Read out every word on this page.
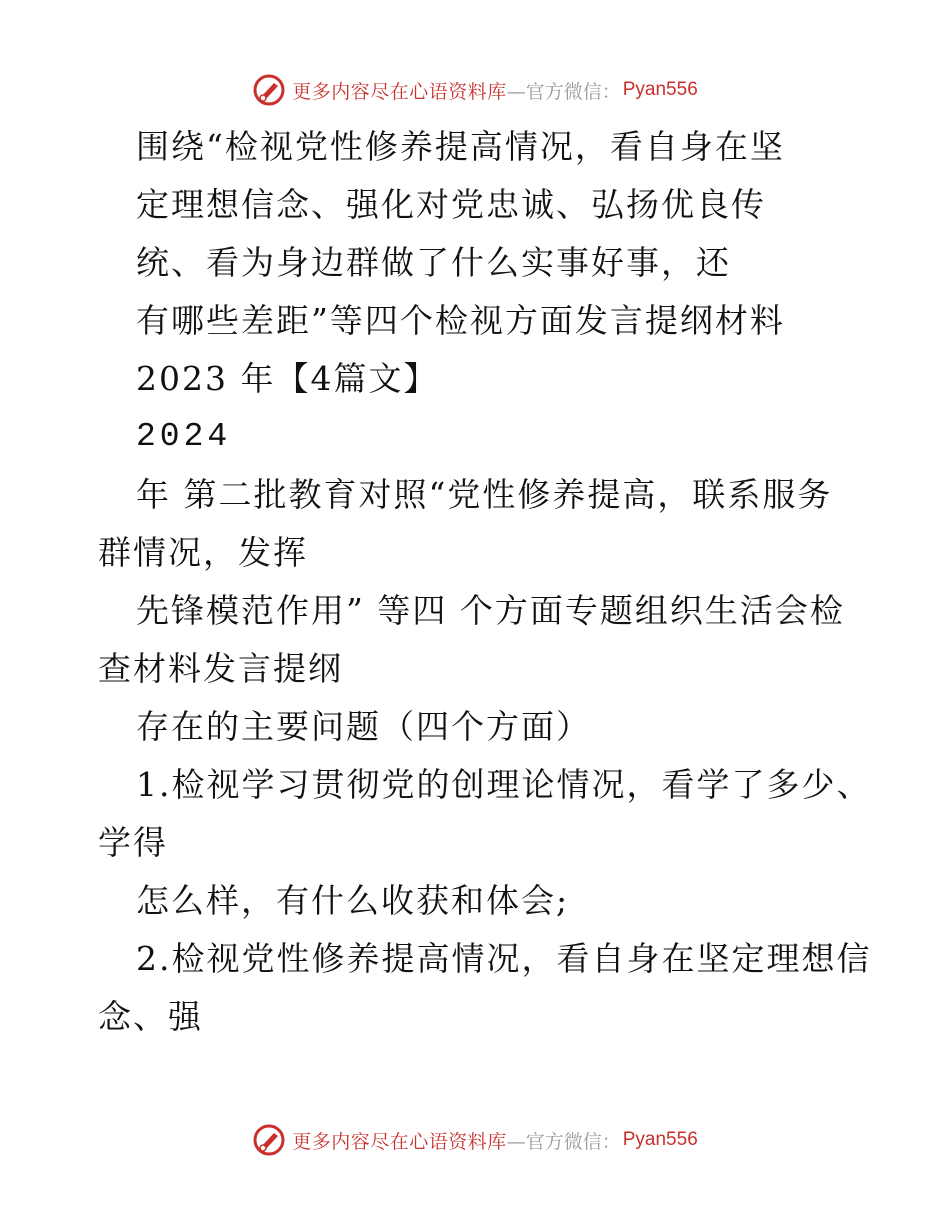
更多内容尽在心语资料库 —官方微信： Pyan556
围绕“检视党性修养提高情况，看自身在坚
定理想信念、强化对党忠诚、弘扬优良传
统、看为身边群做了什么实事好事，还
有哪些差距”等四个检视方面发言提纲材料
2023 年【4篇文】
2024
年 第二批教育对照“党性修养提高，联系服务
群情况，发挥
先锋模范作用” 等四 个方面专题组织生活会检
查材料发言提纲
存在的主要问题（四个方面）
1.检视学习贯彻党的创理论情况，看学了多少、
学得
怎么样，有什么收获和体会;
2.检视党性修养提高情况，看自身在坚定理想信
念、强
更多内容尽在心语资料库 —官方微信： Pyan556
